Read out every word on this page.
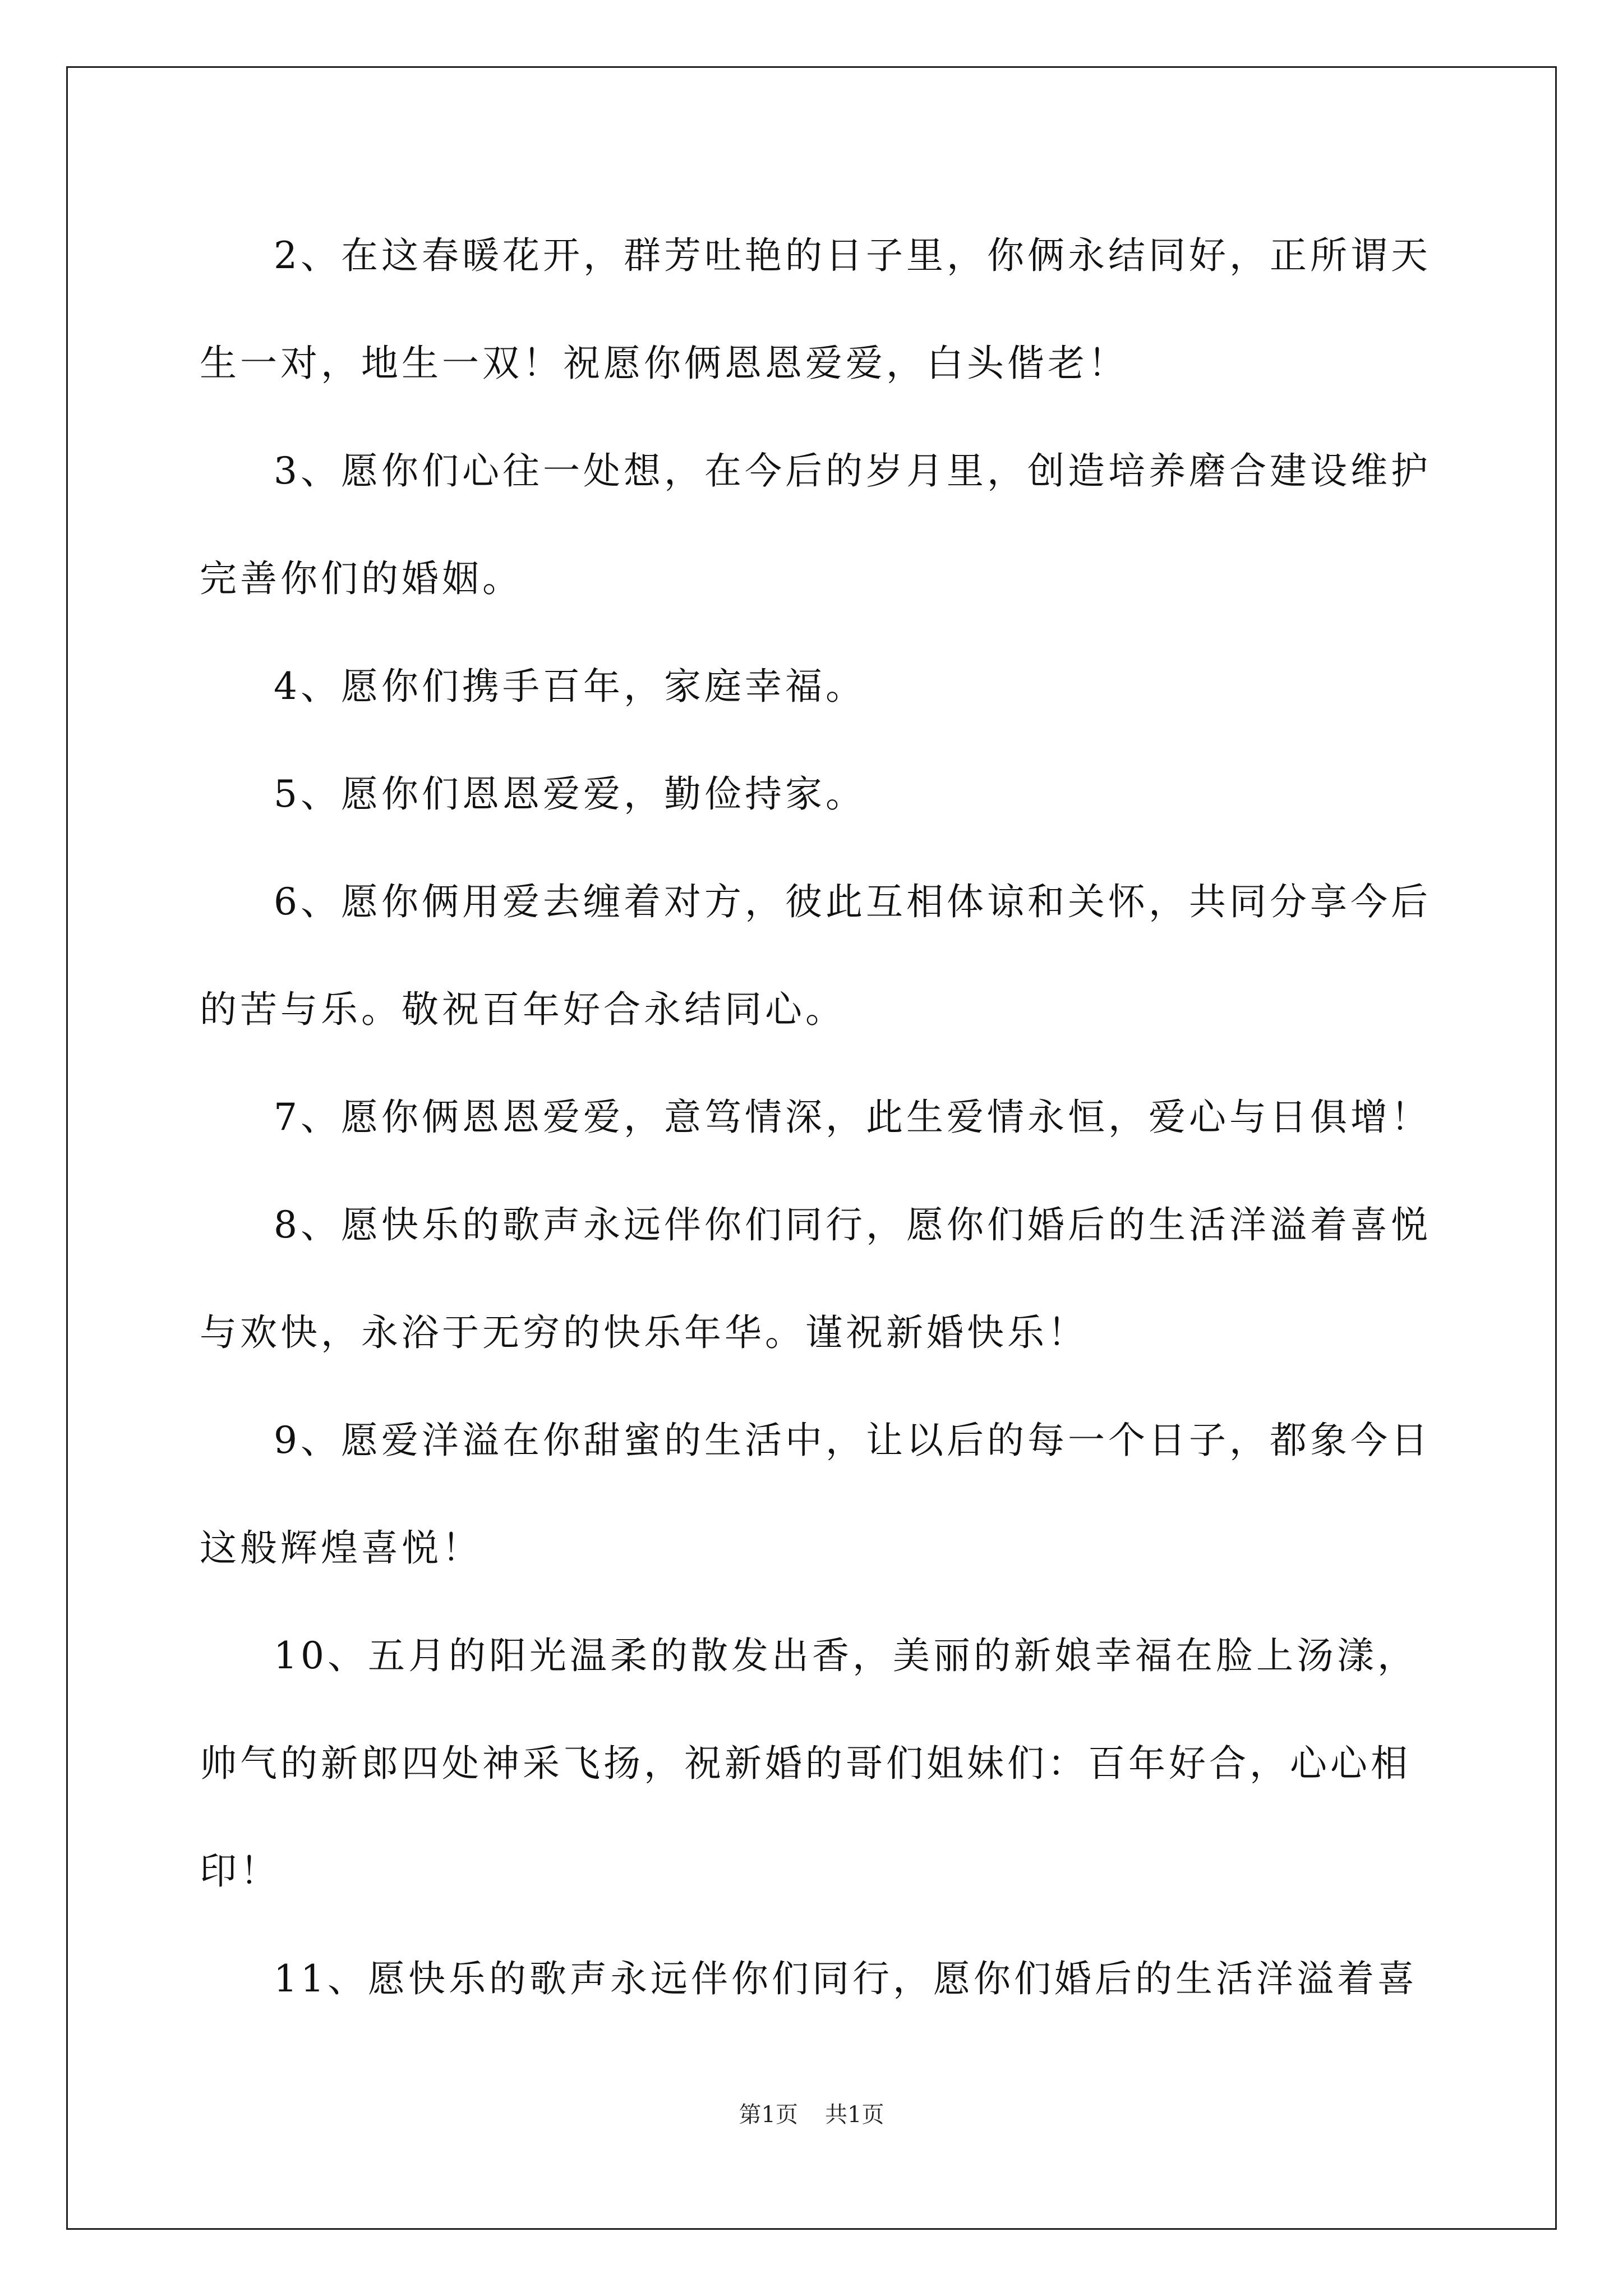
2、在这春暖花开，群芳吐艳的日子里，你俩永结同好，正所谓天生一对，地生一双！祝愿你俩恩恩爱爱，白头偕老！

3、愿你们心往一处想，在今后的岁月里，创造培养磨合建设维护完善你们的婚姻。

4、愿你们携手百年，家庭幸福。

5、愿你们恩恩爱爱，勤俭持家。

6、愿你俩用爱去缠着对方，彼此互相体谅和关怀，共同分享今后的苦与乐。敬祝百年好合永结同心。

7、愿你俩恩恩爱爱，意笃情深，此生爱情永恒，爱心与日俱增！

8、愿快乐的歌声永远伴你们同行，愿你们婚后的生活洋溢着喜悦与欢快，永浴于无穷的快乐年华。谨祝新婚快乐！

9、愿爱洋溢在你甜蜜的生活中，让以后的每一个日子，都象今日这般辉煌喜悦！

10、五月的阳光温柔的散发出香，美丽的新娘幸福在脸上汤漾，帅气的新郎四处神采飞扬，祝新婚的哥们姐妹们：百年好合，心心相印！

11、愿快乐的歌声永远伴你们同行，愿你们婚后的生活洋溢着喜

第1页 共1页
